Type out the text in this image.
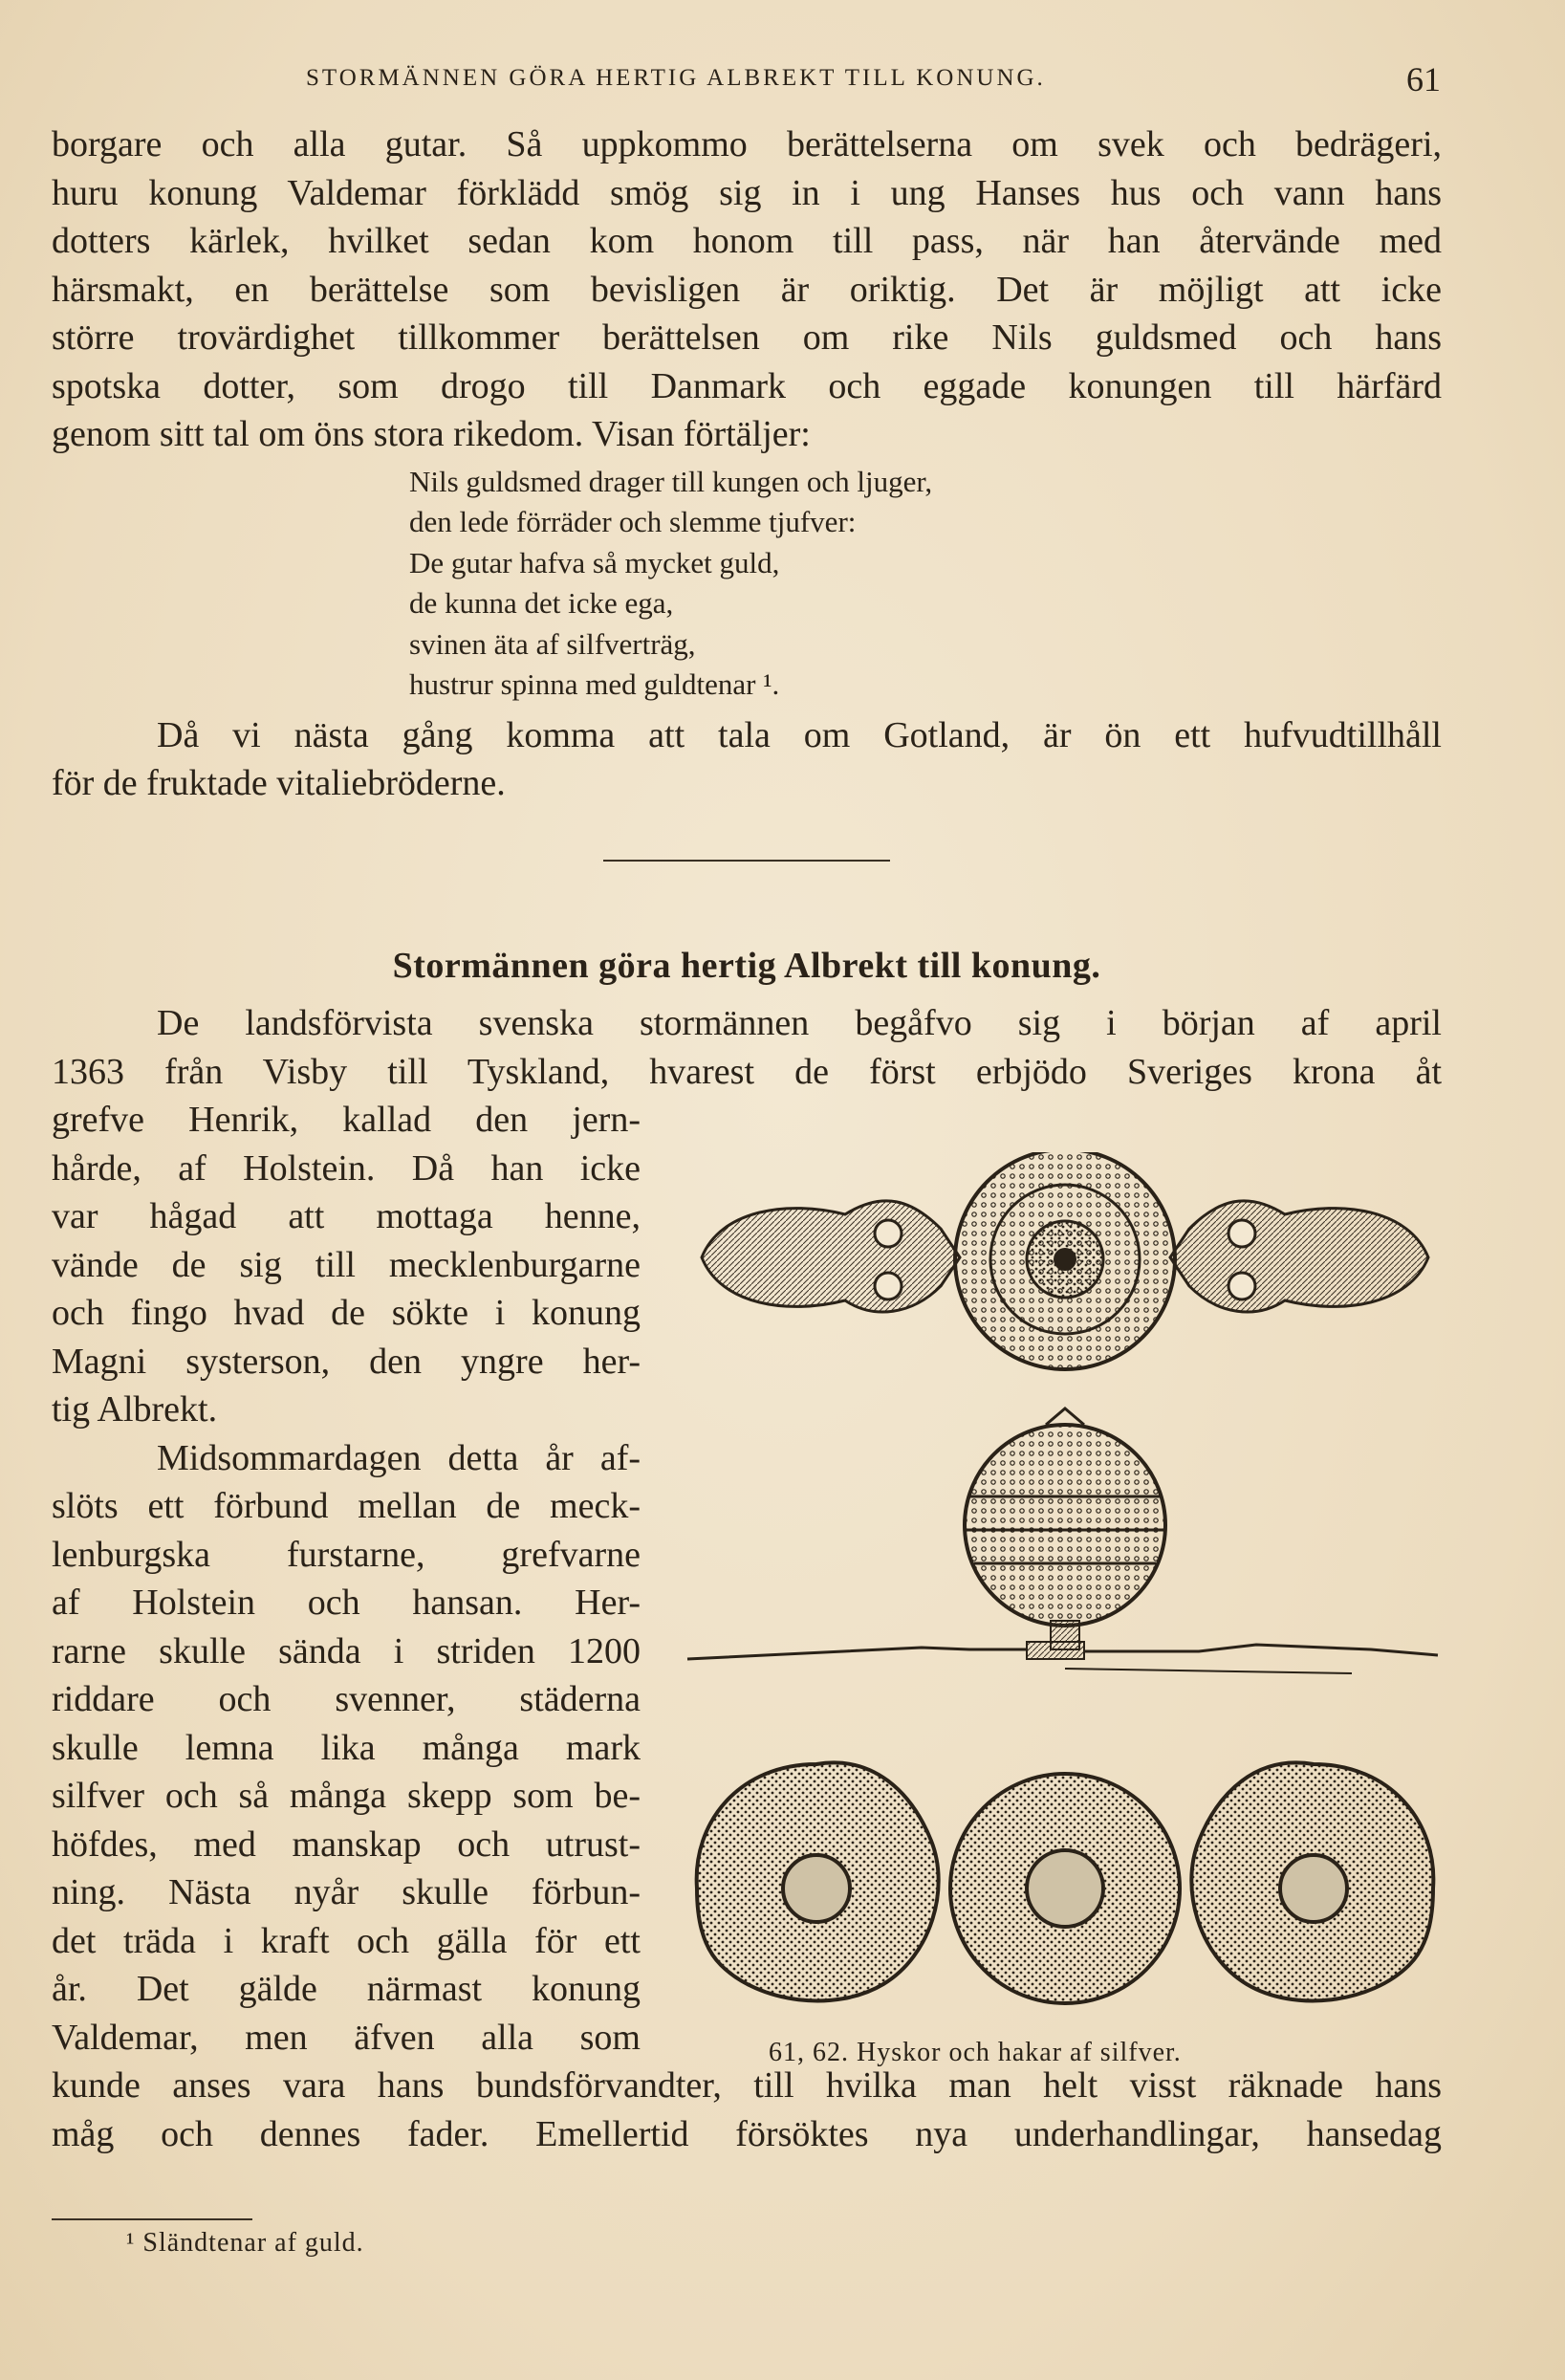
STORMÄNNEN GÖRA HERTIG ALBREKT TILL KONUNG.	61
borgare och alla gutar. Så uppkommo berättelserna om svek och bedrägeri,
huru konung Valdemar förklädd smög sig in i ung Hanses hus och vann hans
dotters kärlek, hvilket sedan kom honom till pass, när han återvände med
härsmakt, en berättelse som bevisligen är oriktig. Det är möjligt att icke
större trovärdighet tillkommer berättelsen om rike Nils guldsmed och hans
spotska dotter, som drogo till Danmark och eggade konungen till härfärd
genom sitt tal om öns stora rikedom. Visan förtäljer:
Nils guldsmed drager till kungen och ljuger,
den lede förräder och slemme tjufver:
De gutar hafva så mycket guld,
de kunna det icke ega,
svinen äta af silfverträg,
hustrur spinna med guldtenar ¹.
Då vi nästa gång komma att tala om Gotland, är ön ett hufvudtillhåll
för de fruktade vitaliebröderne.
Stormännen göra hertig Albrekt till konung.
De landsförvista svenska stormännen begåfvo sig i början af april
1363 från Visby till Tyskland, hvarest de först erbjödo Sveriges krona åt
grefve Henrik, kallad den jern-
hårde, af Holstein. Då han icke
var hågad att mottaga henne,
vände de sig till mecklenburgarne
och fingo hvad de sökte i konung
Magni systerson, den yngre her-
tig Albrekt.
Midsommardagen detta år af-
slöts ett förbund mellan de meck-
lenburgska furstarne, grefvarne
af Holstein och hansan. Her-
rarne skulle sända i striden 1200
riddare och svenner, städerna
skulle lemna lika många mark
silfver och så många skepp som be-
höfdes, med manskap och utrust-
ning. Nästa nyår skulle förbun-
det träda i kraft och gälla för ett
år. Det gälde närmast konung
Valdemar, men äfven alla som
kunde anses vara hans bundsförvandter, till hvilka man helt visst räknade hans
måg och dennes fader. Emellertid försöktes nya underhandlingar, hansedag
61, 62. Hyskor och hakar af silfver.
¹ Sländtenar af guld.
